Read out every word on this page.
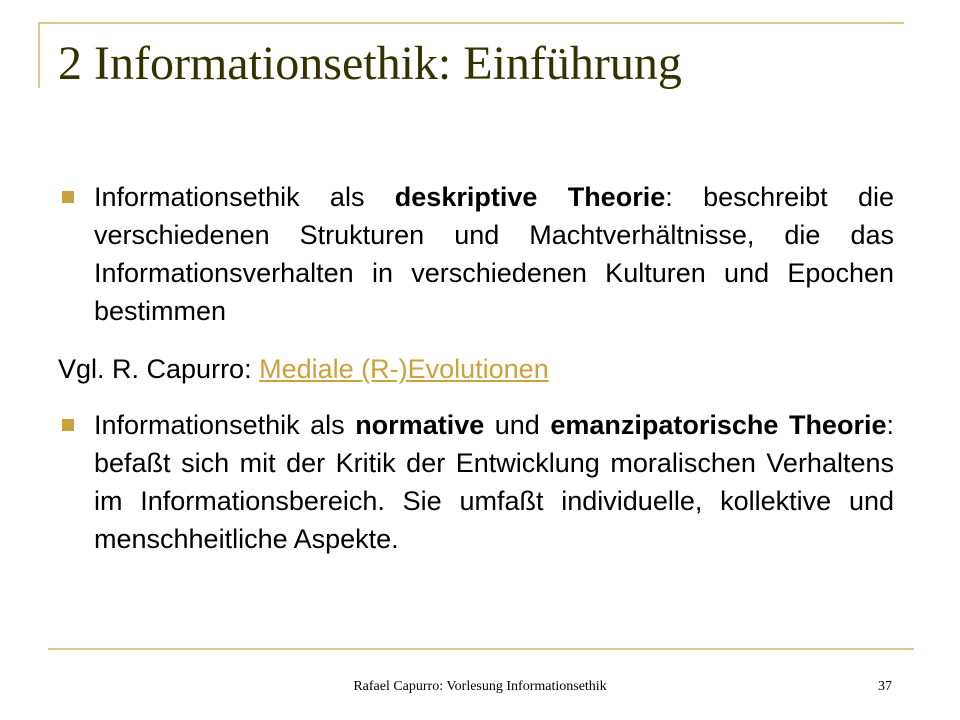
2 Informationsethik: Einführung

Informationsethik als deskriptive Theorie: beschreibt die verschiedenen Strukturen und Machtverhältnisse, die das Informationsverhalten in verschiedenen Kulturen und Epochen bestimmen

Vgl. R. Capurro: Mediale (R-)Evolutionen

Informationsethik als normative und emanzipatorische Theorie: befaßt sich mit der Kritik der Entwicklung moralischen Verhaltens im Informationsbereich. Sie umfaßt individuelle, kollektive und menschheitliche Aspekte.

Rafael Capurro: Vorlesung Informationsethik	37
